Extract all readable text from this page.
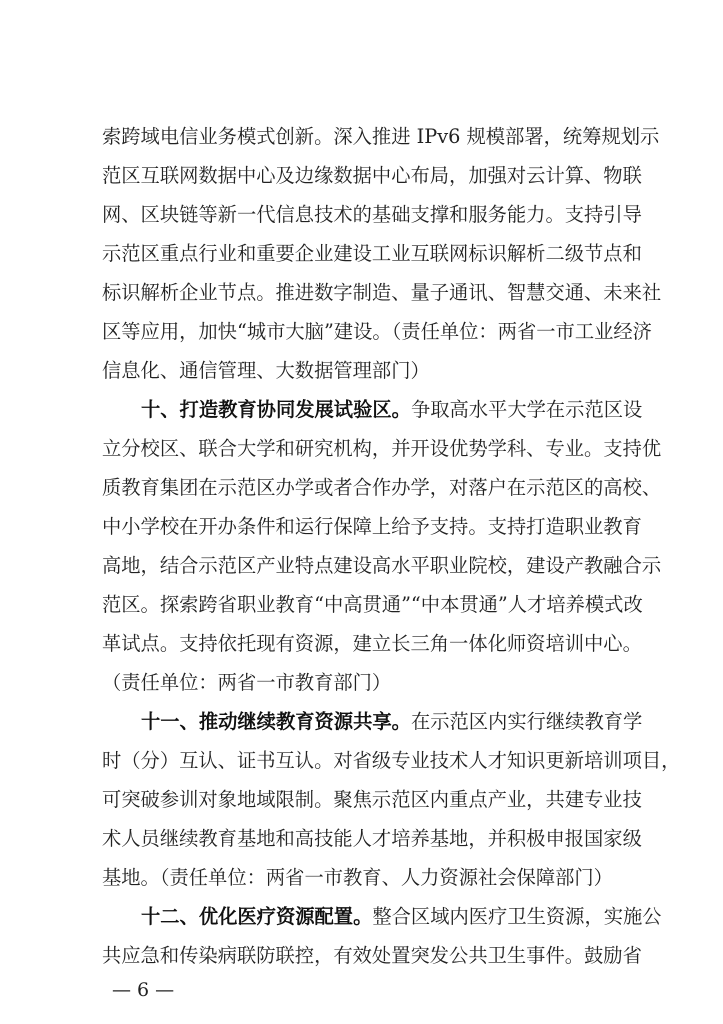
索跨域电信业务模式创新。深入推进 IPv6 规模部署，统筹规划示
范区互联网数据中心及边缘数据中心布局，加强对云计算、物联
网、区块链等新一代信息技术的基础支撑和服务能力。支持引导
示范区重点行业和重要企业建设工业互联网标识解析二级节点和
标识解析企业节点。推进数字制造、量子通讯、智慧交通、未来社
区等应用，加快“城市大脑”建设。（责任单位：两省一市工业经济
信息化、通信管理、大数据管理部门）
十、打造教育协同发展试验区。争取高水平大学在示范区设
立分校区、联合大学和研究机构，并开设优势学科、专业。支持优
质教育集团在示范区办学或者合作办学，对落户在示范区的高校、
中小学校在开办条件和运行保障上给予支持。支持打造职业教育
高地，结合示范区产业特点建设高水平职业院校，建设产教融合示
范区。探索跨省职业教育“中高贯通”“中本贯通”人才培养模式改
革试点。支持依托现有资源，建立长三角一体化师资培训中心。
（责任单位：两省一市教育部门）
十一、推动继续教育资源共享。在示范区内实行继续教育学
时（分）互认、证书互认。对省级专业技术人才知识更新培训项目，
可突破参训对象地域限制。聚焦示范区内重点产业，共建专业技
术人员继续教育基地和高技能人才培养基地，并积极申报国家级
基地。（责任单位：两省一市教育、人力资源社会保障部门）
十二、优化医疗资源配置。整合区域内医疗卫生资源，实施公
共应急和传染病联防联控，有效处置突发公共卫生事件。鼓励省
— 6 —
